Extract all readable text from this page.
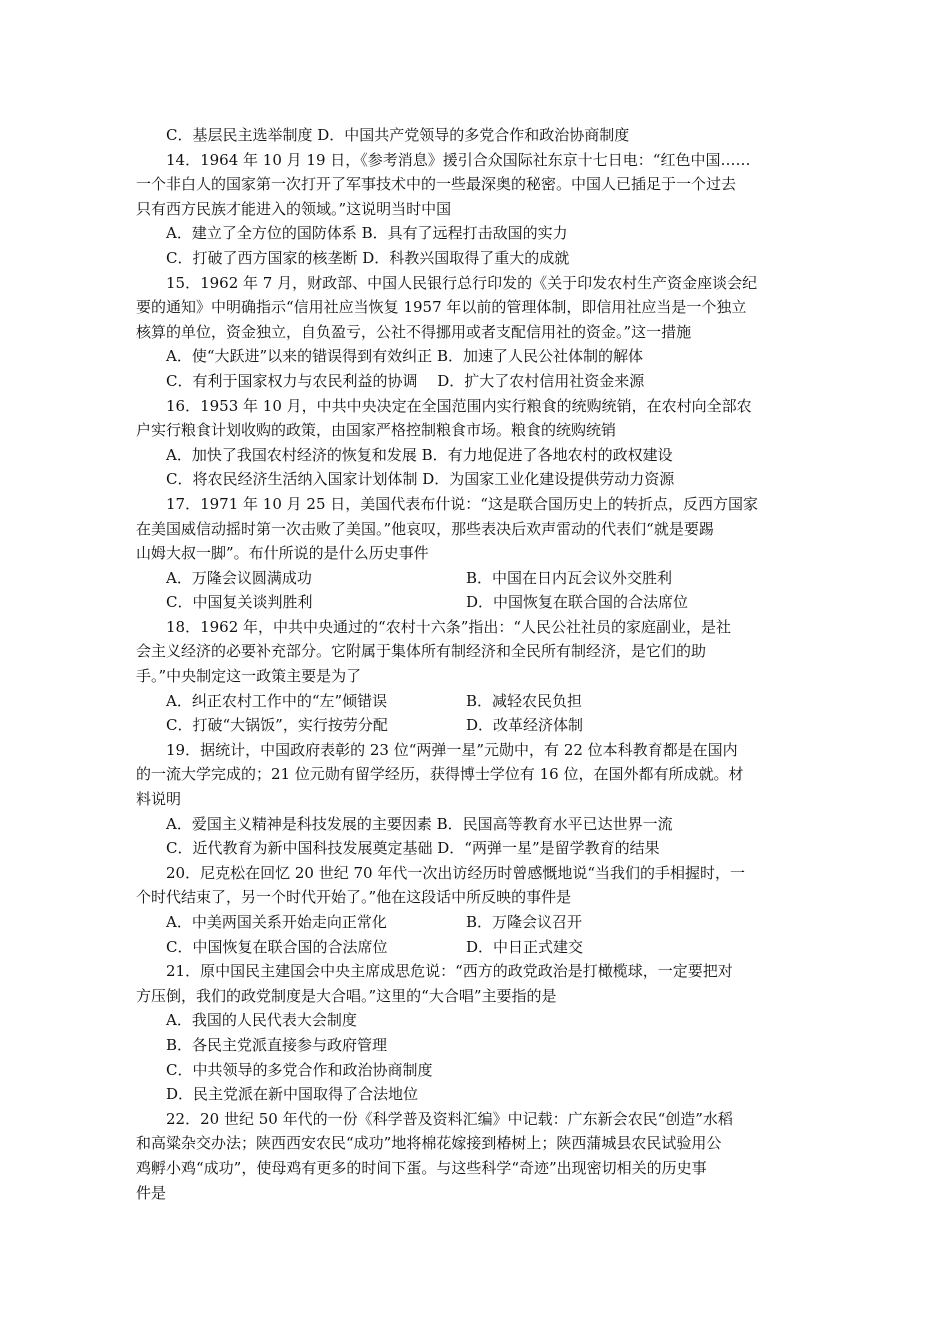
C．基层民主选举制度 D．中国共产党领导的多党合作和政治协商制度
14．1964 年 10 月 19 日，《参考消息》援引合众国际社东京十七日电：“红色中国……
一个非白人的国家第一次打开了军事技术中的一些最深奥的秘密。中国人已插足于一个过去
只有西方民族才能进入的领域。”这说明当时中国
A．建立了全方位的国防体系 B．具有了远程打击敌国的实力
C．打破了西方国家的核垄断 D．科教兴国取得了重大的成就
15．1962 年 7 月，财政部、中国人民银行总行印发的《关于印发农村生产资金座谈会纪
要的通知》中明确指示“信用社应当恢复 1957 年以前的管理体制，即信用社应当是一个独立
核算的单位，资金独立，自负盈亏，公社不得挪用或者支配信用社的资金。”这一措施
A．使“大跃进”以来的错误得到有效纠正 B．加速了人民公社体制的解体
C．有利于国家权力与农民利益的协调 　D．扩大了农村信用社资金来源
16．1953 年 10 月，中共中央决定在全国范围内实行粮食的统购统销，在农村向全部农
户实行粮食计划收购的政策，由国家严格控制粮食市场。粮食的统购统销
A．加快了我国农村经济的恢复和发展 B．有力地促进了各地农村的政权建设
C．将农民经济生活纳入国家计划体制 D．为国家工业化建设提供劳动力资源
17．1971 年 10 月 25 日，美国代表布什说：“这是联合国历史上的转折点，反西方国家
在美国威信动摇时第一次击败了美国。”他哀叹，那些表决后欢声雷动的代表们“就是要踢
山姆大叔一脚”。布什所说的是什么历史事件
A．万隆会议圆满成功	B．中国在日内瓦会议外交胜利
C．中国复关谈判胜利	D．中国恢复在联合国的合法席位
18．1962 年，中共中央通过的“农村十六条”指出：“人民公社社员的家庭副业，是社
会主义经济的必要补充部分。它附属于集体所有制经济和全民所有制经济，是它们的助
手。”中央制定这一政策主要是为了
A．纠正农村工作中的“左”倾错误	B．减轻农民负担
C．打破“大锅饭”，实行按劳分配	D．改革经济体制
19．据统计，中国政府表彰的 23 位“两弹一星”元勋中，有 22 位本科教育都是在国内
的一流大学完成的；21 位元勋有留学经历，获得博士学位有 16 位，在国外都有所成就。材
料说明
A．爱国主义精神是科技发展的主要因素 B．民国高等教育水平已达世界一流
C．近代教育为新中国科技发展奠定基础 D．“两弹一星”是留学教育的结果
20．尼克松在回忆 20 世纪 70 年代一次出访经历时曾感慨地说“当我们的手相握时，一
个时代结束了，另一个时代开始了。”他在这段话中所反映的事件是
A．中美两国关系开始走向正常化	B．万隆会议召开
C．中国恢复在联合国的合法席位	D．中日正式建交
21．原中国民主建国会中央主席成思危说：“西方的政党政治是打橄榄球，一定要把对
方压倒，我们的政党制度是大合唱。”这里的“大合唱”主要指的是
A．我国的人民代表大会制度
B．各民主党派直接参与政府管理
C．中共领导的多党合作和政治协商制度
D．民主党派在新中国取得了合法地位
22．20 世纪 50 年代的一份《科学普及资料汇编》中记载：广东新会农民“创造”水稻
和高粱杂交办法；陕西西安农民“成功”地将棉花嫁接到椿树上；陕西蒲城县农民试验用公
鸡孵小鸡“成功”，使母鸡有更多的时间下蛋。与这些科学“奇迹”出现密切相关的历史事
件是
